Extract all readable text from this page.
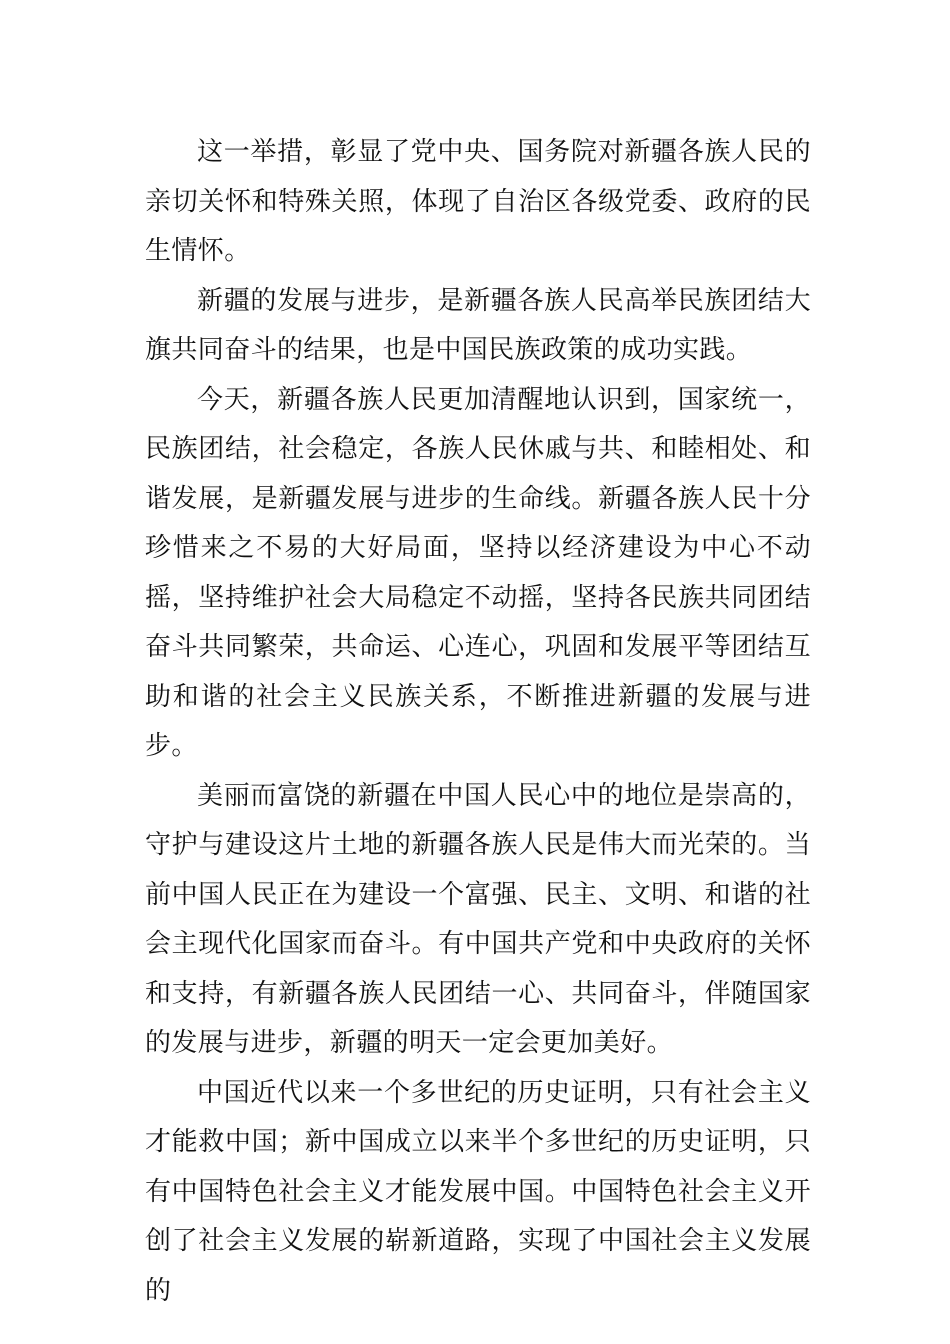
这一举措，彰显了党中央、国务院对新疆各族人民的亲切关怀和特殊关照，体现了自治区各级党委、政府的民生情怀。

新疆的发展与进步，是新疆各族人民高举民族团结大旗共同奋斗的结果，也是中国民族政策的成功实践。

今天，新疆各族人民更加清醒地认识到，国家统一，民族团结，社会稳定，各族人民休戚与共、和睦相处、和谐发展，是新疆发展与进步的生命线。新疆各族人民十分珍惜来之不易的大好局面，坚持以经济建设为中心不动摇，坚持维护社会大局稳定不动摇，坚持各民族共同团结奋斗共同繁荣，共命运、心连心，巩固和发展平等团结互助和谐的社会主义民族关系，不断推进新疆的发展与进步。

美丽而富饶的新疆在中国人民心中的地位是崇高的，守护与建设这片土地的新疆各族人民是伟大而光荣的。当前中国人民正在为建设一个富强、民主、文明、和谐的社会主现代化国家而奋斗。有中国共产党和中央政府的关怀和支持，有新疆各族人民团结一心、共同奋斗，伴随国家的发展与进步，新疆的明天一定会更加美好。

中国近代以来一个多世纪的历史证明，只有社会主义才能救中国；新中国成立以来半个多世纪的历史证明，只有中国特色社会主义才能发展中国。中国特色社会主义开创了社会主义发展的崭新道路，实现了中国社会主义发展的
